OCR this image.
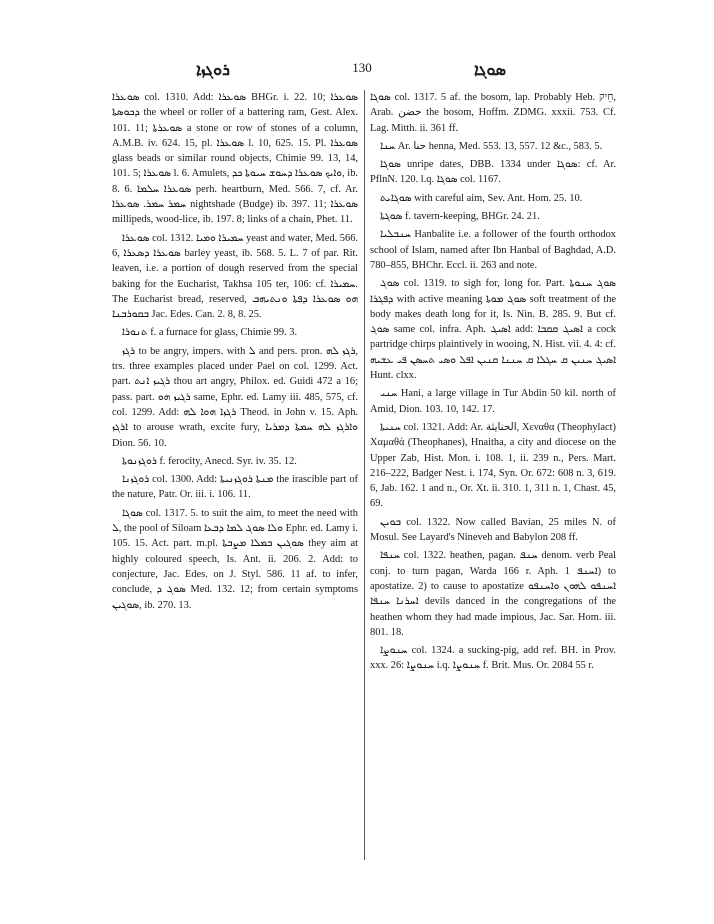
ܪܘܓܙܐ	130	ܣܘܓܐ

ܣܘܥܪܐ col. 1310. Add: ܣܘܥܪܐ BHGr. i. 22. 10; ܣܘܥܪܐ ܕܟܘܣܬܐ the wheel or roller of a battering ram, Gest. Alex. 101. 11; ܣܘܥܪܬܐ a stone or row of stones of a column, A.M.B. iv. 624. 15, pl. ܣܘܥܪܐ l. 10, 625. 15. Pl. ܣܘܥܪܐ glass beads or similar round objects, Chimie 99. 13, 14, 101. 5; ܣܘܥܪܐ l. 6. Amulets, ܘܐܝܟ ܣܘܥܪܐ ܕܚܘܫ ܚܝܘܬܐ ܟܕ, ib. 8. 6. ܣܘܥܪܐ ܚܠܡܐ perh. heartburn, Med. 566. 7, cf. Ar. ܚܡܪ ܚܡܪ. ܣܘܥܪܐ nightshade (Budge) ib. 397. 11; ܣܘܥܪܐ millipeds, wood-lice, ib. 197. 8; links of a chain, Phet. 11.

ܣܘܥܪܐ col. 1312. ܚܡܝܪܐ ܘܡܝܐ yeast and water, Med. 566. 6, ܣܘܥܪܐ ܕܣܥܪܐ barley yeast, ib. 568. 5. L. 7 of par. Rit. leaven, i.e. a portion of dough reserved from the special baking for the Eucharist, Takhsa 105 ter, 106: cf. ܚܡܝܪܐ. The Eucharist bread, reserved, ܗܘ ܣܘܥܪܐ ܕܦܬܐ ܘܢܬܝܗܒ ܒܩܘܪܒܢܐ Jac. Edes. Can. 2. 8, 8. 25.

ܬܢܘܪܐ f. a furnace for glass, Chimie 99. 3.

ܪܓܙ to be angry, impers. with ܠ and pers. pron. ܪܓܙ ܠܗ, trs. three examples placed under Pael on col. 1299. Act. part. ܪܓܝܙ ܐܢܬ thou art angry, Philox. ed. Guidi 472 a 16; pass. part. ܪܓܝܙ ܗܘ same, Ephr. ed. Lamy iii. 485, 575, cf. col. 1299. Add: ܪܓܙܐ ܗܘܐ ܠܗ Theod. in John v. 15. Aph. ܐܪܓܙ to arouse wrath, excite fury, ܘܐܪܓܙ ܠܗ ܚܡܬܐ ܕܡܪܝܐ Dion. 56. 10.

ܪܘܓܙܢܘܬܐ f. ferocity, Anecd. Syr. iv. 35. 12.

ܪܘܓܙܢܐ col. 1300. Add: ܡܢܬܐ ܪܘܓܙܢܝܬܐ the irascible part of the nature, Patr. Or. iii. i. 106. 11.

ܣܘܓܐ col. 1317. 5. to suit the aim, to meet the need with ܠ, the pool of Siloam ܘܠܐ ܣܘܓ ܠܡܐ ܕܒܥܐ Ephr. ed. Lamy i. 105. 15. Act. part. m.pl. ܣܘܓܝܢ ܒܡܠܐ ܡܨܒܬܐ they aim at highly coloured speech, Is. Ant. ii. 206. 2. Add: to conjecture, Jac. Edes. on J. Styl. 586. 11 af. to infer, conclude, ܣܘܓ ܕ Med. 132. 12; from certain symptoms ܣܘܓܝܢ, ib. 270. 13.

ܣܘܓܐ col. 1317. 5 af. the bosom, lap. Probably Heb. חֵיק, Arab. حضن the bosom, Hoffm. ZDMG. xxxii. 753. Cf. Lag. Mitth. ii. 361 ff.

ܚܢܐ Ar. حنا henna, Med. 553. 13, 557. 12 &c., 583. 5.

ܣܘܓܐ unripe dates, DBB. 1334 under ܣܘܓܐ: cf. Ar. PflnN. 120. l.q. ܣܘܓܐ col. 1167.

ܣܘܓܐܝܬ with careful aim, Sev. Ant. Hom. 25. 10.

ܣܘܓܬܐ f. tavern-keeping, BHGr. 24. 21.

ܚܢܒܠܝܐ Hanbalite i.e. a follower of the fourth orthodox school of Islam, named after Ibn Hanbal of Baghdad, A.D. 780–855, BHChr. Eccl. ii. 263 and note.

ܣܘܓ col. 1319. to sigh for, long for. Part. ܣܘܓ ܚܢܘܬܐ ܕܦܓܪܐ with active meaning ܣܘܓ ܡܘܬܐ soft treatment of the body makes death long for it, Is. Nin. B. 285. 9. But cf. ܣܘܓ same col. infra. Aph. ܐܣܝܓ add: ܐܣܝܓ ܩܩܒܐ a cock partridge chirps plaintively in wooing, N. Hist. vii. 4. 4: cf. ܐܣܝܓ ܚܢܝܢ ܩ ܚܓܠܐ ܩ ܚܢܢܐ ܩܢܝܢ ܐܦܠ ܘܣܝ ܬܚܣܢ ܦܝ ܥܫܝܗ Hunt. clxx.

ܚܢܝ Hani, a large village in Tur Abdin 50 kil. north of Amid, Dion. 103. 10, 142. 17.

ܚܢܝܬܐ col. 1321. Add: Ar. الحنايثة, Xεναθα (Theophylact) Χαμαθά (Theophanes), Hnaitha, a city and diocese on the Upper Zab, Hist. Mon. i. 108. 1, ii. 239 n., Pers. Mart. 216–222, Badger Nest. i. 174, Syn. Or. 672: 608 n. 3, 619. 6, Jab. 162. 1 and n., Or. Xt. ii. 310. 1, 311 n. 1, Chast. 45, 69.

ܒܘܝܢ col. 1322. Now called Bavian, 25 miles N. of Mosul. See Layard's Nineveh and Babylon 208 ff.

ܚܢܦܐ col. 1322. heathen, pagan. ܚܢܦ denom. verb Peal conj. to turn pagan, Warda 166 r. Aph. ܐܚܢܦ 1) to apostatize. 2) to cause to apostatize ܐܚܢܦܘ ܠܗܘܢ ܘܐܚܢܦܘ ܐܚܪܢܐ ܚܢܦܐ devils danced in the congregations of the heathen whom they had made impious, Jac. Sar. Hom. iii. 801. 18.

ܚܢܘܨܐ col. 1324. a sucking-pig, add ref. BH. in Prov. xxx. 26: ܚܢܘܨܐ i.q. ܚܢܘܨܐ f. Brit. Mus. Or. 2084 55 r.
